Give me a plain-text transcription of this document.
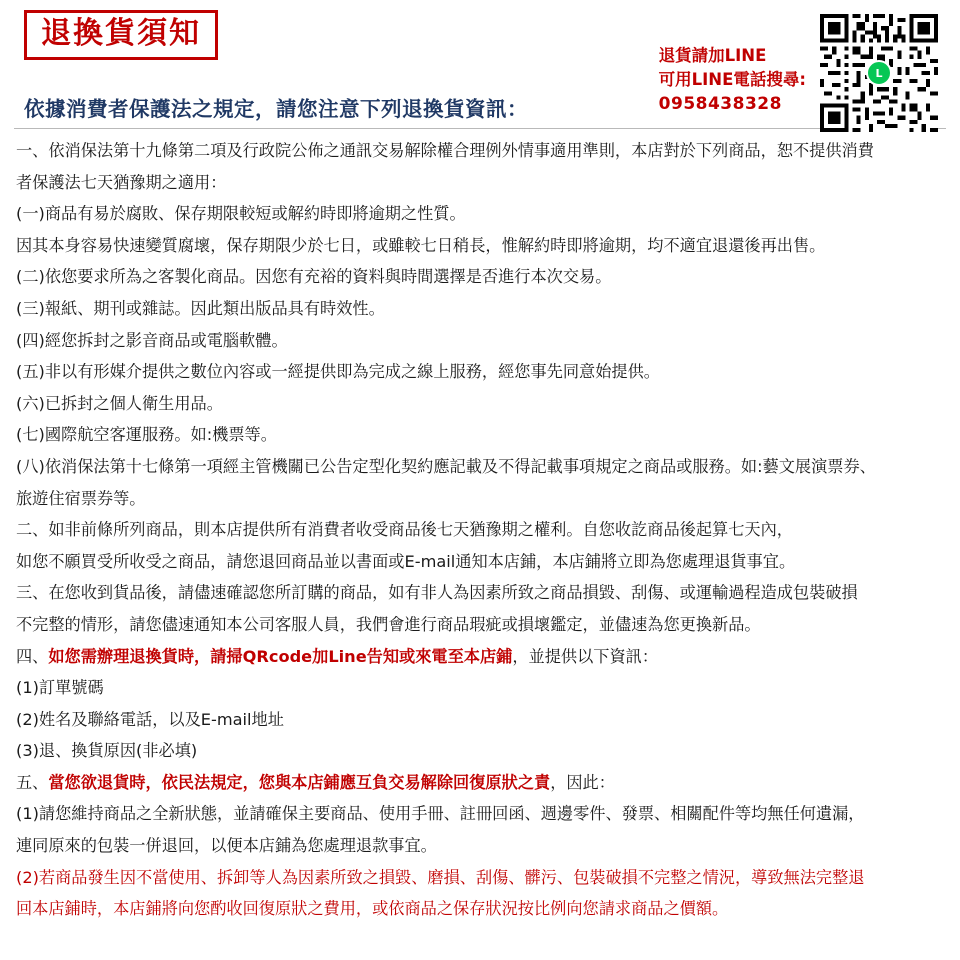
退換貨須知
退貨請加LINE
可用LINE電話搜尋:
0958438328
L
依據消費者保護法之規定，請您注意下列退換貨資訊：

一、依消保法第十九條第二項及行政院公佈之通訊交易解除權合理例外情事適用準則，本店對於下列商品，恕不提供消費

者保護法七天猶豫期之適用：

(一)商品有易於腐敗、保存期限較短或解約時即將逾期之性質。

因其本身容易快速變質腐壞，保存期限少於七日，或雖較七日稍長，惟解約時即將逾期，均不適宜退還後再出售。

(二)依您要求所為之客製化商品。因您有充裕的資料與時間選擇是否進行本次交易。

(三)報紙、期刊或雜誌。因此類出版品具有時效性。

(四)經您拆封之影音商品或電腦軟體。

(五)非以有形媒介提供之數位內容或一經提供即為完成之線上服務，經您事先同意始提供。

(六)已拆封之個人衛生用品。

(七)國際航空客運服務。如:機票等。

(八)依消保法第十七條第一項經主管機關已公告定型化契約應記載及不得記載事項規定之商品或服務。如:藝文展演票券、

旅遊住宿票券等。

二、如非前條所列商品，則本店提供所有消費者收受商品後七天猶豫期之權利。自您收訖商品後起算七天內，

如您不願買受所收受之商品，請您退回商品並以書面或E-mail通知本店鋪，本店鋪將立即為您處理退貨事宜。

三、在您收到貨品後，請儘速確認您所訂購的商品，如有非人為因素所致之商品損毀、刮傷、或運輸過程造成包裝破損

不完整的情形，請您儘速通知本公司客服人員，我們會進行商品瑕疵或損壞鑑定，並儘速為您更換新品。

四、如您需辦理退換貨時，請掃QRcode加Line告知或來電至本店鋪，並提供以下資訊：

(1)訂單號碼

(2)姓名及聯絡電話，以及E-mail地址

(3)退、換貨原因(非必填)

五、當您欲退貨時，依民法規定，您與本店鋪應互負交易解除回復原狀之責，因此：

(1)請您維持商品之全新狀態，並請確保主要商品、使用手冊、註冊回函、週邊零件、發票、相關配件等均無任何遺漏，

連同原來的包裝一併退回，以便本店鋪為您處理退款事宜。

(2)若商品發生因不當使用、拆卸等人為因素所致之損毀、磨損、刮傷、髒污、包裝破損不完整之情況，導致無法完整退

回本店鋪時，本店鋪將向您酌收回復原狀之費用，或依商品之保存狀況按比例向您請求商品之價額。
